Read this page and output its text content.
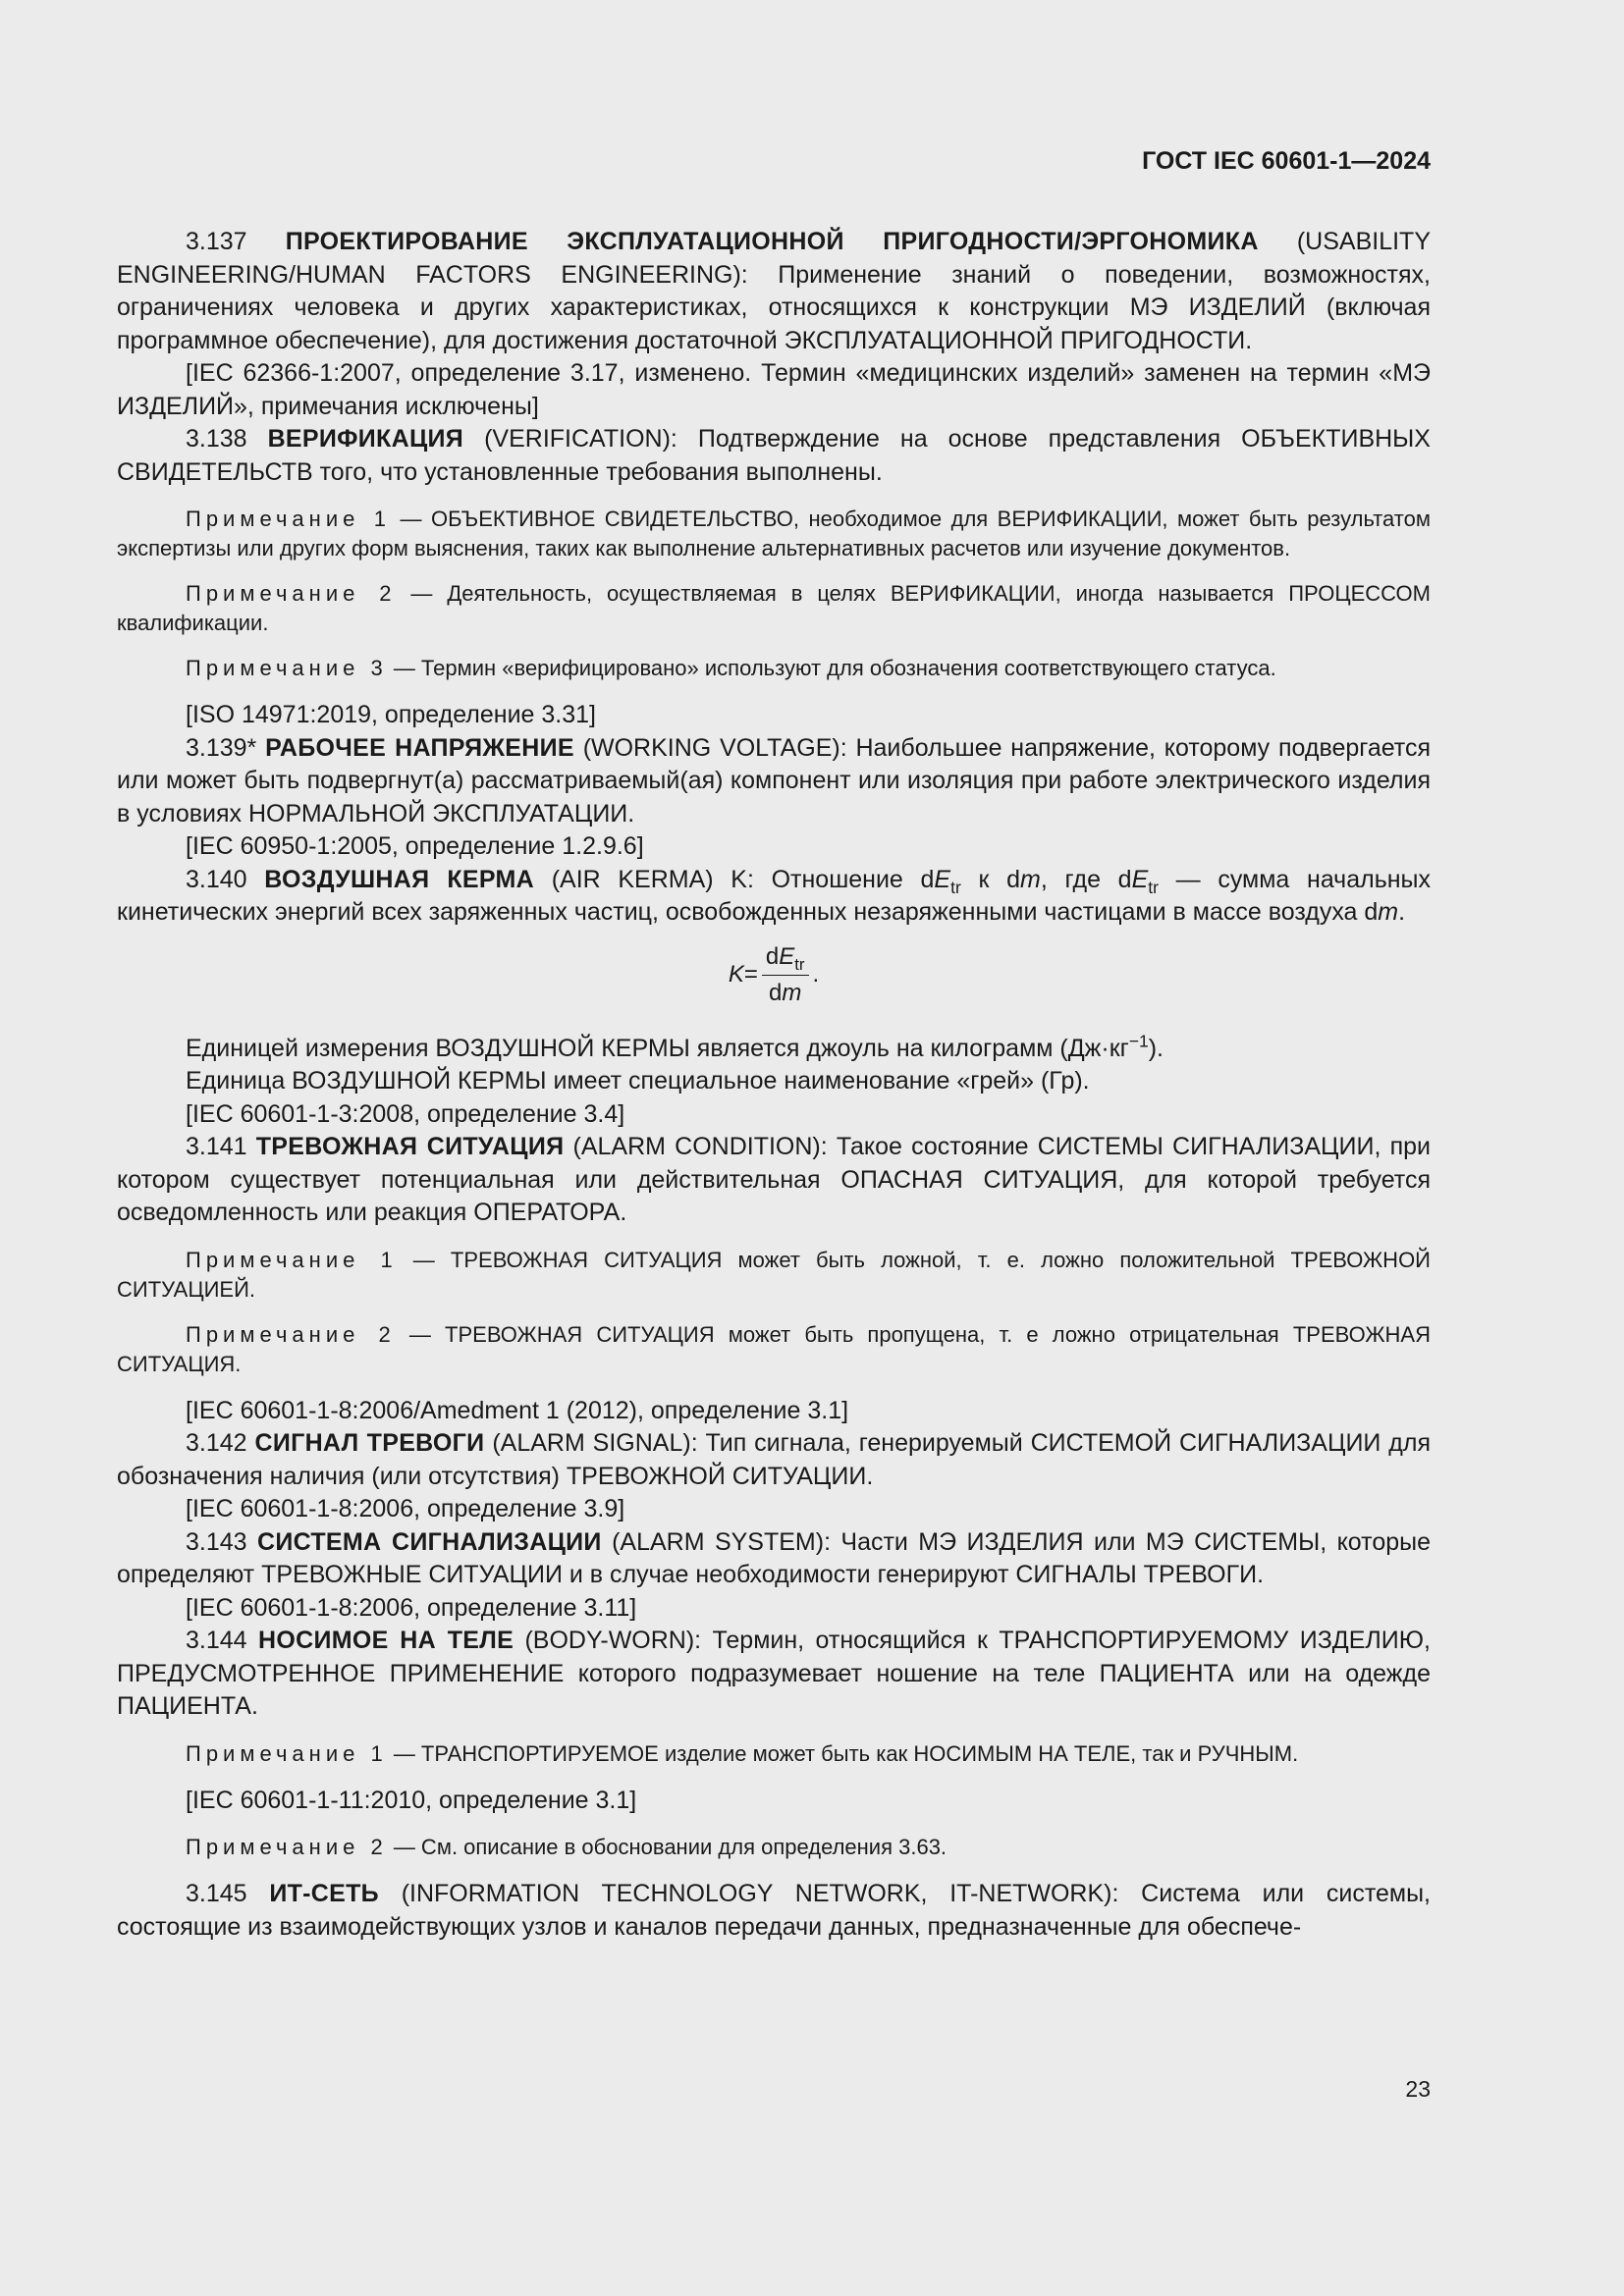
ГОСТ IEC 60601-1—2024

3.137 ПРОЕКТИРОВАНИЕ ЭКСПЛУАТАЦИОННОЙ ПРИГОДНОСТИ/ЭРГОНОМИКА (USABILITY ENGINEERING/HUMAN FACTORS ENGINEERING): Применение знаний о поведении, возможностях, ограничениях человека и других характеристиках, относящихся к конструкции МЭ ИЗДЕЛИЙ (включая программное обеспечение), для достижения достаточной ЭКСПЛУАТАЦИОННОЙ ПРИГОДНОСТИ.

[IEC 62366-1:2007, определение 3.17, изменено. Термин «медицинских изделий» заменен на термин «МЭ ИЗДЕЛИЙ», примечания исключены]

3.138 ВЕРИФИКАЦИЯ (VERIFICATION): Подтверждение на основе представления ОБЪЕКТИВНЫХ СВИДЕТЕЛЬСТВ того, что установленные требования выполнены.

Примечание 1 — ОБЪЕКТИВНОЕ СВИДЕТЕЛЬСТВО, необходимое для ВЕРИФИКАЦИИ, может быть результатом экспертизы или других форм выяснения, таких как выполнение альтернативных расчетов или изучение документов.

Примечание 2 — Деятельность, осуществляемая в целях ВЕРИФИКАЦИИ, иногда называется ПРОЦЕССОМ квалификации.

Примечание 3 — Термин «верифицировано» используют для обозначения соответствующего статуса.

[ISO 14971:2019, определение 3.31]

3.139* РАБОЧЕЕ НАПРЯЖЕНИЕ (WORKING VOLTAGE): Наибольшее напряжение, которому подвергается или может быть подвергнут(а) рассматриваемый(ая) компонент или изоляция при работе электрического изделия в условиях НОРМАЛЬНОЙ ЭКСПЛУАТАЦИИ.

[IEC 60950-1:2005, определение 1.2.9.6]

3.140 ВОЗДУШНАЯ КЕРМА (AIR KERMA) K: Отношение $dE_{tr}$ к dm, где $dE_{tr}$ — сумма начальных кинетических энергий всех заряженных частиц, освобожденных незаряженными частицами в массе воздуха dm.

$K = \frac{dE_{tr}}{dm}$ .

Единицей измерения ВОЗДУШНОЙ КЕРМЫ является джоуль на килограмм $(Дж\cdot кг^{-1})$.

Единица ВОЗДУШНОЙ КЕРМЫ имеет специальное наименование «грей» (Гр).

[IEC 60601-1-3:2008, определение 3.4]

3.141 ТРЕВОЖНАЯ СИТУАЦИЯ (ALARM CONDITION): Такое состояние СИСТЕМЫ СИГНАЛИЗАЦИИ, при котором существует потенциальная или действительная ОПАСНАЯ СИТУАЦИЯ, для которой требуется осведомленность или реакция ОПЕРАТОРА.

Примечание 1 — ТРЕВОЖНАЯ СИТУАЦИЯ может быть ложной, т. е. ложно положительной ТРЕВОЖНОЙ СИТУАЦИЕЙ.

Примечание 2 — ТРЕВОЖНАЯ СИТУАЦИЯ может быть пропущена, т. е ложно отрицательная ТРЕВОЖНАЯ СИТУАЦИЯ.

[IEC 60601-1-8:2006/Amedment 1 (2012), определение 3.1]

3.142 СИГНАЛ ТРЕВОГИ (ALARM SIGNAL): Тип сигнала, генерируемый СИСТЕМОЙ СИГНАЛИЗАЦИИ для обозначения наличия (или отсутствия) ТРЕВОЖНОЙ СИТУАЦИИ.

[IEC 60601-1-8:2006, определение 3.9]

3.143 СИСТЕМА СИГНАЛИЗАЦИИ (ALARM SYSTEM): Части МЭ ИЗДЕЛИЯ или МЭ СИСТЕМЫ, которые определяют ТРЕВОЖНЫЕ СИТУАЦИИ и в случае необходимости генерируют СИГНАЛЫ ТРЕВОГИ.

[IEC 60601-1-8:2006, определение 3.11]

3.144 НОСИМОЕ НА ТЕЛЕ (BODY-WORN): Термин, относящийся к ТРАНСПОРТИРУЕМОМУ ИЗДЕЛИЮ, ПРЕДУСМОТРЕННОЕ ПРИМЕНЕНИЕ которого подразумевает ношение на теле ПАЦИЕНТА или на одежде ПАЦИЕНТА.

Примечание 1 — ТРАНСПОРТИРУЕМОЕ изделие может быть как НОСИМЫМ НА ТЕЛЕ, так и РУЧНЫМ.

[IEC 60601-1-11:2010, определение 3.1]

Примечание 2 — См. описание в обосновании для определения 3.63.

3.145 ИТ-СЕТЬ (INFORMATION TECHNOLOGY NETWORK, IT-NETWORK): Система или системы, состоящие из взаимодействующих узлов и каналов передачи данных, предназначенные для обеспече-

23
